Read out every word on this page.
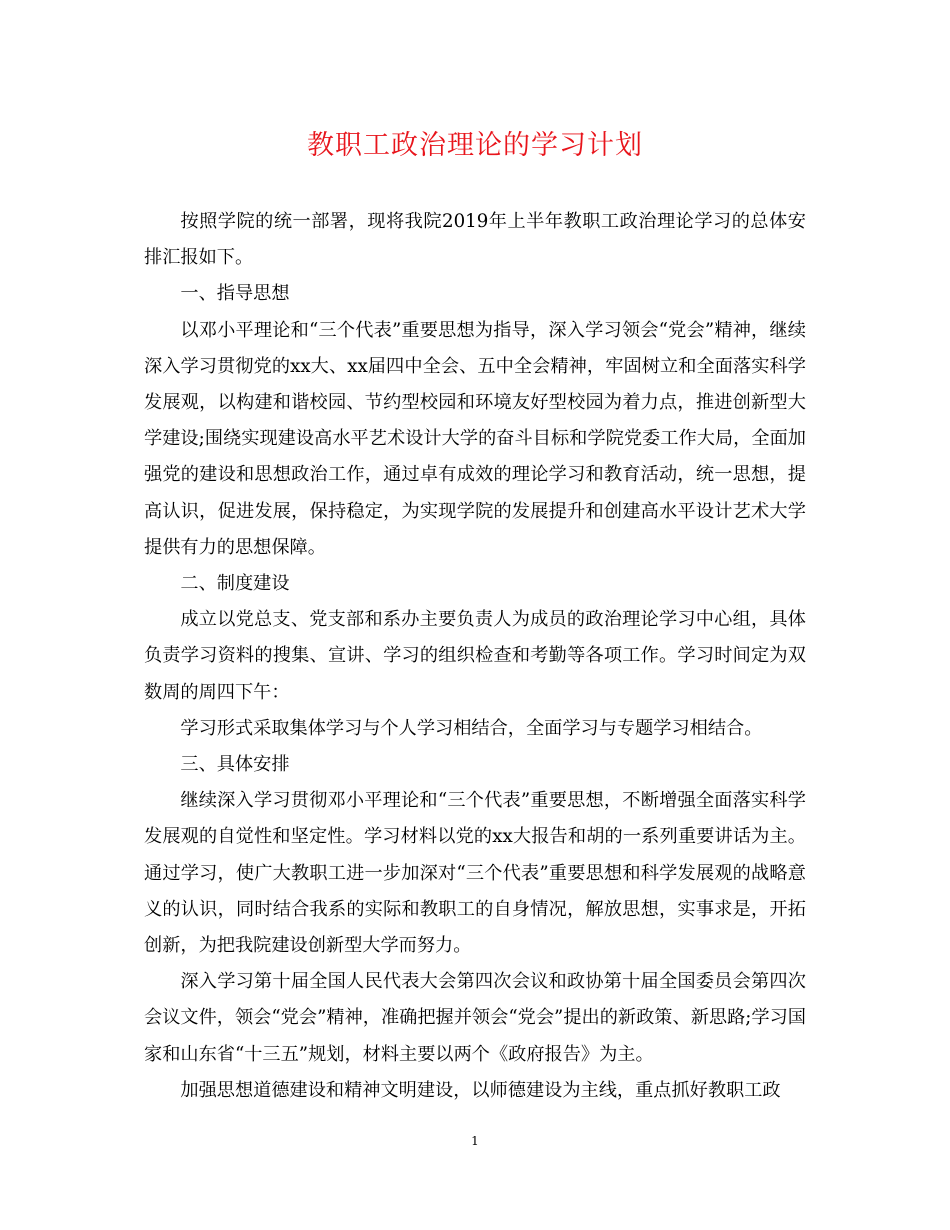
教职工政治理论的学习计划

按照学院的统一部署，现将我院2019年上半年教职工政治理论学习的总体安排汇报如下。

一、指导思想

以邓小平理论和“三个代表”重要思想为指导，深入学习领会“党会”精神，继续深入学习贯彻党的xx大、xx届四中全会、五中全会精神，牢固树立和全面落实科学发展观，以构建和谐校园、节约型校园和环境友好型校园为着力点，推进创新型大学建设;围绕实现建设高水平艺术设计大学的奋斗目标和学院党委工作大局，全面加强党的建设和思想政治工作，通过卓有成效的理论学习和教育活动，统一思想，提高认识，促进发展，保持稳定，为实现学院的发展提升和创建高水平设计艺术大学提供有力的思想保障。

二、制度建设

成立以党总支、党支部和系办主要负责人为成员的政治理论学习中心组，具体负责学习资料的搜集、宣讲、学习的组织检查和考勤等各项工作。学习时间定为双数周的周四下午：

学习形式采取集体学习与个人学习相结合，全面学习与专题学习相结合。

三、具体安排

继续深入学习贯彻邓小平理论和“三个代表”重要思想，不断增强全面落实科学发展观的自觉性和坚定性。学习材料以党的xx大报告和胡的一系列重要讲话为主。通过学习，使广大教职工进一步加深对“三个代表”重要思想和科学发展观的战略意义的认识，同时结合我系的实际和教职工的自身情况，解放思想，实事求是，开拓创新，为把我院建设创新型大学而努力。

深入学习第十届全国人民代表大会第四次会议和政协第十届全国委员会第四次会议文件，领会“党会”精神，准确把握并领会“党会”提出的新政策、新思路;学习国家和山东省“十三五”规划，材料主要以两个《政府报告》为主。

加强思想道德建设和精神文明建设，以师德建设为主线，重点抓好教职工政

1
